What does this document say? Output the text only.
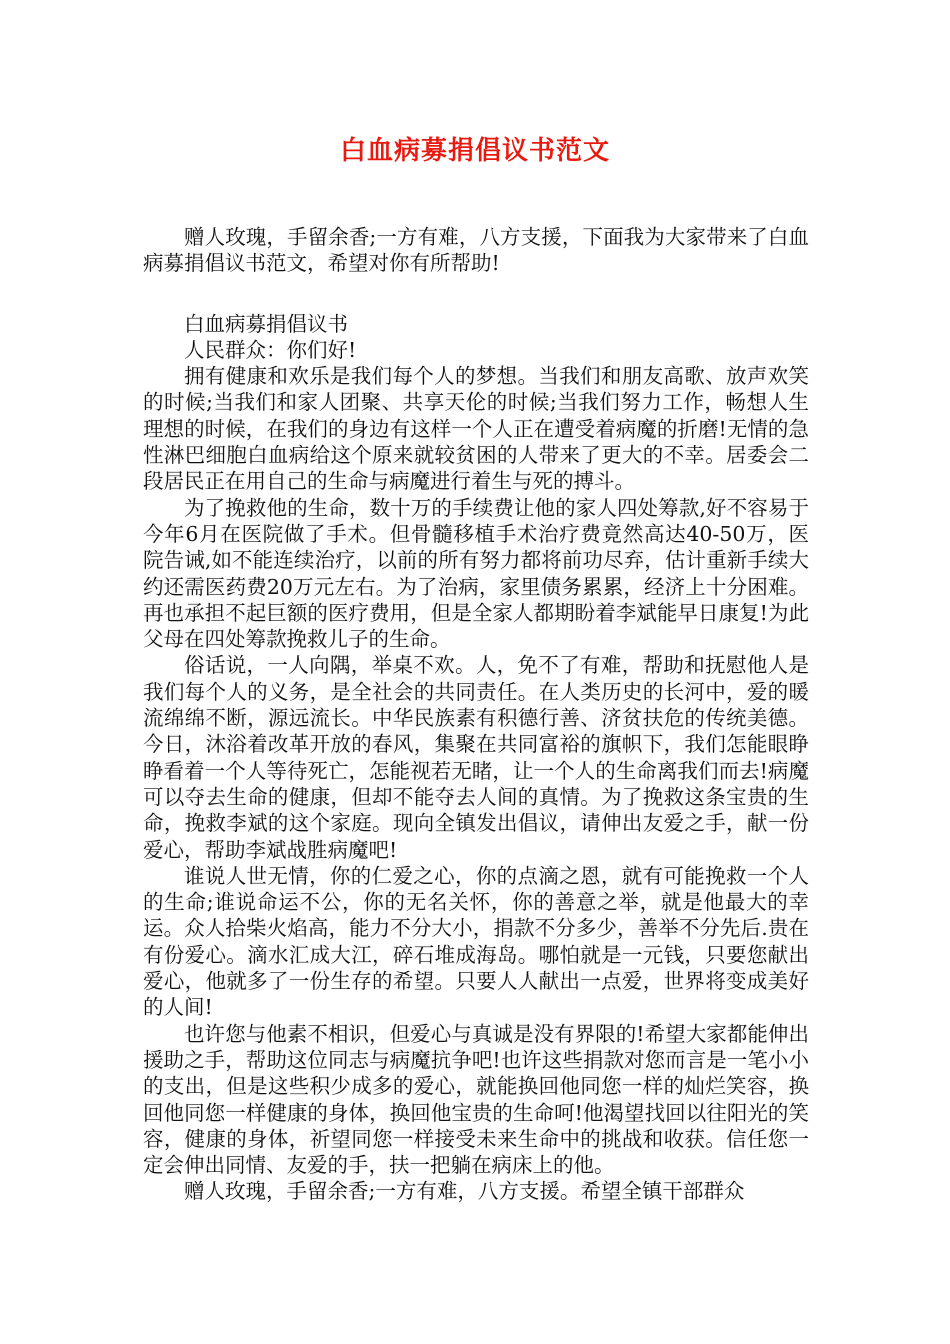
白血病募捐倡议书范文

赠人玫瑰，手留余香;一方有难，八方支援，下面我为大家带来了白血病募捐倡议书范文，希望对你有所帮助!

白血病募捐倡议书

人民群众：你们好!

拥有健康和欢乐是我们每个人的梦想。当我们和朋友高歌、放声欢笑的时候;当我们和家人团聚、共享天伦的时候;当我们努力工作，畅想人生理想的时候，在我们的身边有这样一个人正在遭受着病魔的折磨!无情的急性淋巴细胞白血病给这个原来就较贫困的人带来了更大的不幸。居委会二段居民正在用自己的生命与病魔进行着生与死的搏斗。

为了挽救他的生命，数十万的手续费让他的家人四处筹款,好不容易于今年6月在医院做了手术。但骨髓移植手术治疗费竟然高达40-50万，医院告诫,如不能连续治疗，以前的所有努力都将前功尽弃，估计重新手续大约还需医药费20万元左右。为了治病，家里债务累累，经济上十分困难。再也承担不起巨额的医疗费用，但是全家人都期盼着李斌能早日康复!为此父母在四处筹款挽救儿子的生命。

俗话说，一人向隅，举桌不欢。人，免不了有难，帮助和抚慰他人是我们每个人的义务，是全社会的共同责任。在人类历史的长河中，爱的暖流绵绵不断，源远流长。中华民族素有积德行善、济贫扶危的传统美德。今日，沐浴着改革开放的春风，集聚在共同富裕的旗帜下，我们怎能眼睁睁看着一个人等待死亡，怎能视若无睹，让一个人的生命离我们而去!病魔可以夺去生命的健康，但却不能夺去人间的真情。为了挽救这条宝贵的生命，挽救李斌的这个家庭。现向全镇发出倡议，请伸出友爱之手，献一份爱心，帮助李斌战胜病魔吧!

谁说人世无情，你的仁爱之心，你的点滴之恩，就有可能挽救一个人的生命;谁说命运不公，你的无名关怀，你的善意之举，就是他最大的幸运。众人拾柴火焰高，能力不分大小，捐款不分多少，善举不分先后.贵在有份爱心。滴水汇成大江，碎石堆成海岛。哪怕就是一元钱，只要您献出爱心，他就多了一份生存的希望。只要人人献出一点爱，世界将变成美好的人间!

也许您与他素不相识，但爱心与真诚是没有界限的!希望大家都能伸出援助之手，帮助这位同志与病魔抗争吧!也许这些捐款对您而言是一笔小小的支出，但是这些积少成多的爱心，就能换回他同您一样的灿烂笑容，换回他同您一样健康的身体，换回他宝贵的生命呵!他渴望找回以往阳光的笑容，健康的身体，祈望同您一样接受未来生命中的挑战和收获。信任您一定会伸出同情、友爱的手，扶一把躺在病床上的他。

赠人玫瑰，手留余香;一方有难，八方支援。希望全镇干部群众
